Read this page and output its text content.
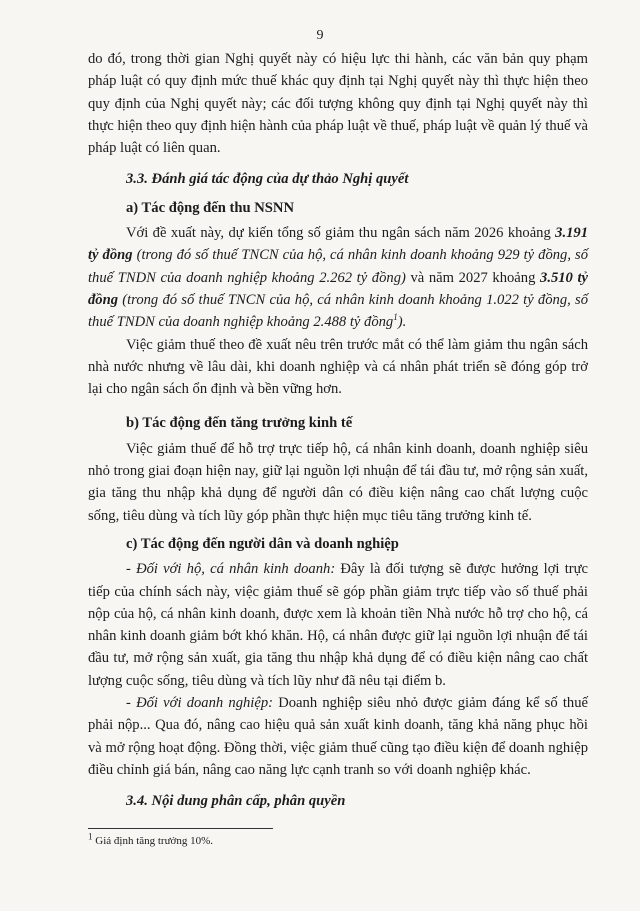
9

do đó, trong thời gian Nghị quyết này có hiệu lực thi hành, các văn bản quy phạm pháp luật có quy định mức thuế khác quy định tại Nghị quyết này thì thực hiện theo quy định của Nghị quyết này; các đối tượng không quy định tại Nghị quyết này thì thực hiện theo quy định hiện hành của pháp luật về thuế, pháp luật về quản lý thuế và pháp luật có liên quan.

3.3. Đánh giá tác động của dự thảo Nghị quyết
a) Tác động đến thu NSNN

Với đề xuất này, dự kiến tổng số giảm thu ngân sách năm 2026 khoảng 3.191 tỷ đồng (trong đó số thuế TNCN của hộ, cá nhân kinh doanh khoảng 929 tỷ đồng, số thuế TNDN của doanh nghiệp khoảng 2.262 tỷ đồng) và năm 2027 khoảng 3.510 tỷ đồng (trong đó số thuế TNCN của hộ, cá nhân kinh doanh khoảng 1.022 tỷ đồng, số thuế TNDN của doanh nghiệp khoảng 2.488 tỷ đồng$^1$).

Việc giảm thuế theo đề xuất nêu trên trước mắt có thể làm giảm thu ngân sách nhà nước nhưng về lâu dài, khi doanh nghiệp và cá nhân phát triển sẽ đóng góp trở lại cho ngân sách ổn định và bền vững hơn.

b) Tác động đến tăng trưởng kinh tế

Việc giảm thuế để hỗ trợ trực tiếp hộ, cá nhân kinh doanh, doanh nghiệp siêu nhỏ trong giai đoạn hiện nay, giữ lại nguồn lợi nhuận để tái đầu tư, mở rộng sản xuất, gia tăng thu nhập khả dụng để người dân có điều kiện nâng cao chất lượng cuộc sống, tiêu dùng và tích lũy góp phần thực hiện mục tiêu tăng trưởng kinh tế.

c) Tác động đến người dân và doanh nghiệp

- Đối với hộ, cá nhân kinh doanh: Đây là đối tượng sẽ được hưởng lợi trực tiếp của chính sách này, việc giảm thuế sẽ góp phần giảm trực tiếp vào số thuế phải nộp của hộ, cá nhân kinh doanh, được xem là khoản tiền Nhà nước hỗ trợ cho hộ, cá nhân kinh doanh giảm bớt khó khăn. Hộ, cá nhân được giữ lại nguồn lợi nhuận để tái đầu tư, mở rộng sản xuất, gia tăng thu nhập khả dụng để có điều kiện nâng cao chất lượng cuộc sống, tiêu dùng và tích lũy như đã nêu tại điểm b.

- Đối với doanh nghiệp: Doanh nghiệp siêu nhỏ được giảm đáng kể số thuế phải nộp... Qua đó, nâng cao hiệu quả sản xuất kinh doanh, tăng khả năng phục hồi và mở rộng hoạt động. Đồng thời, việc giảm thuế cũng tạo điều kiện để doanh nghiệp điều chỉnh giá bán, nâng cao năng lực cạnh tranh so với doanh nghiệp khác.

3.4. Nội dung phân cấp, phân quyền
$^1$ Giả định tăng trưởng 10%.
